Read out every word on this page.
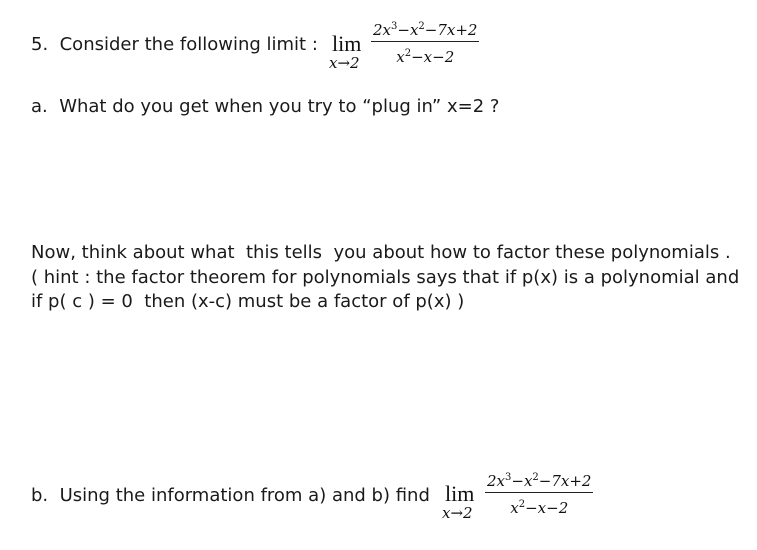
5.  Consider the following limit : lim
$x\to 2 \frac{2x^3-x^2-7x+2}{x^2-x-2}$
a.  What do you get when you try to “plug in” x=2 ?
Now, think about what  this tells  you about how to factor these polynomials .
( hint : the factor theorem for polynomials says that if p(x) is a polynomial and
if p( c ) = 0  then (x-c) must be a factor of p(x) )
b.  Using the information from a) and b) find lim
$x\to 2 \frac{2x^3-x^2-7x+2}{x^2-x-2}$
